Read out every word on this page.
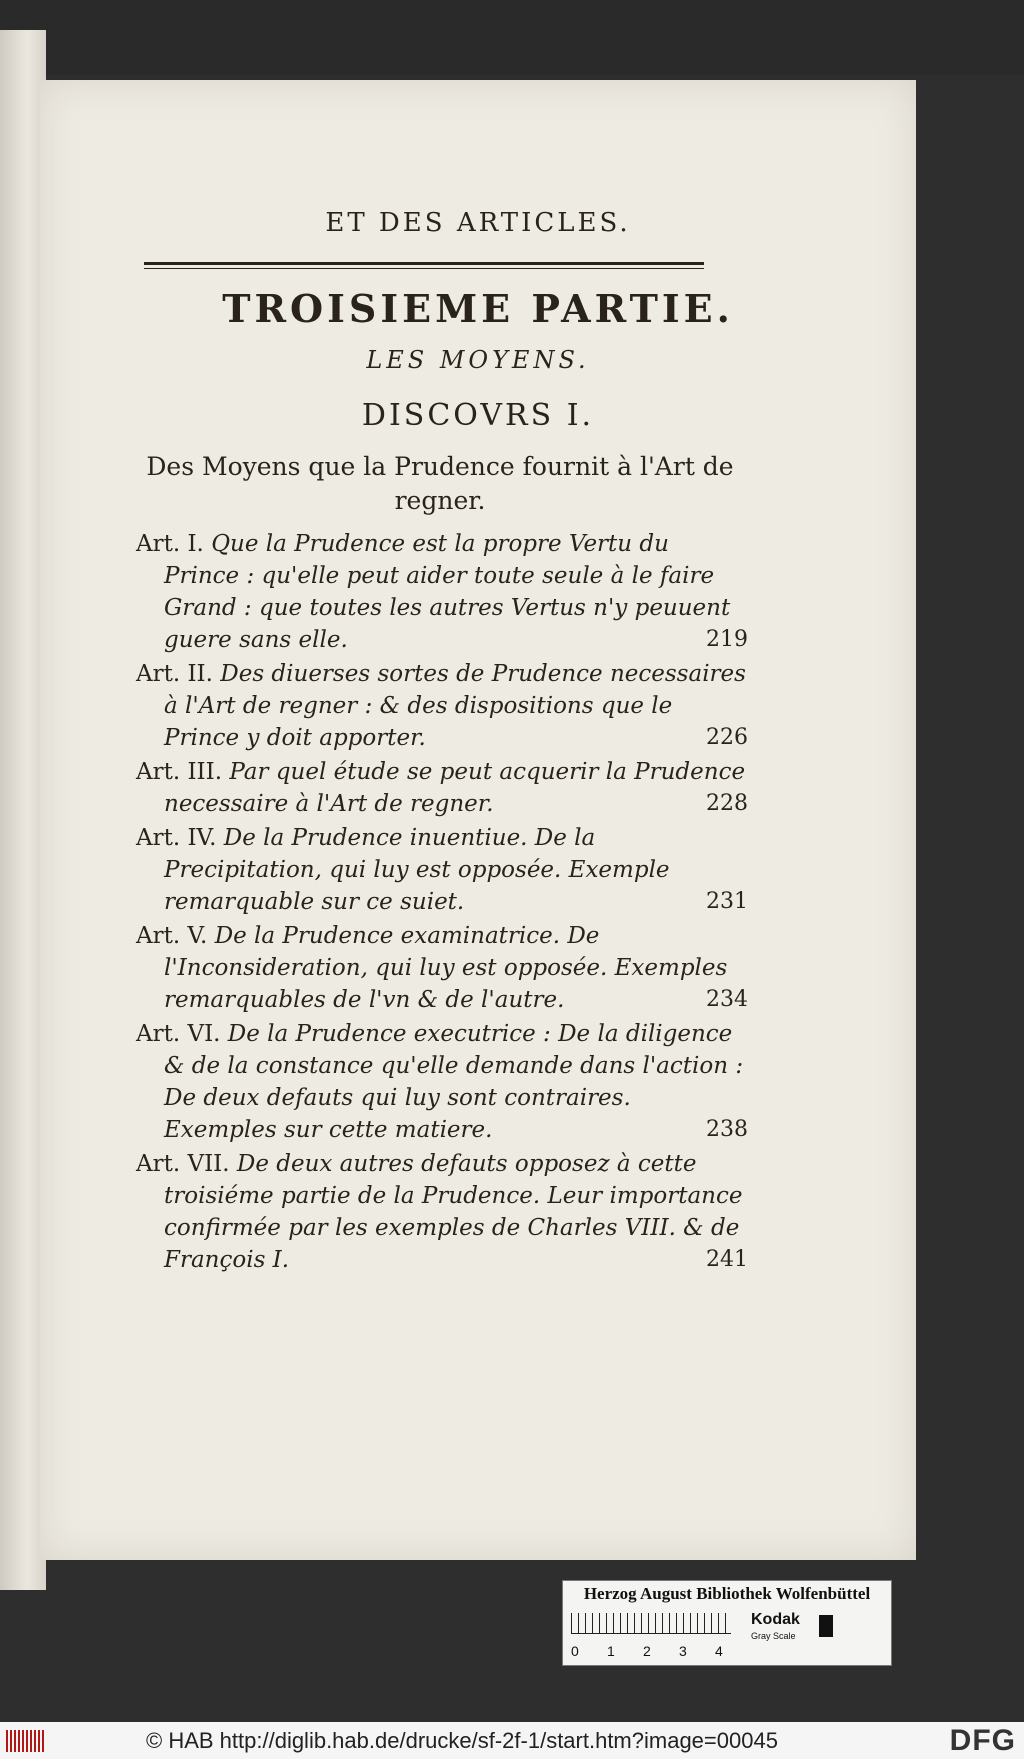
ET DES ARTICLES.
TROISIEME PARTIE.
LES MOYENS.
DISCOVRS I.
Des Moyens que la Prudence fournit à l'Art de regner.
Art. I. Que la Prudence est la propre Vertu du Prince : qu'elle peut aider toute seule à le faire Grand : que toutes les autres Vertus n'y peuuent guere sans elle.	219
Art. II. Des diuerses sortes de Prudence necessaires à l'Art de regner : & des dispositions que le Prince y doit apporter.	226
Art. III. Par quel étude se peut acquerir la Prudence necessaire à l'Art de regner.	228
Art. IV. De la Prudence inuentiue. De la Precipitation, qui luy est opposée. Exemple remarquable sur ce suiet.	231
Art. V. De la Prudence examinatrice. De l'Inconsideration, qui luy est opposée. Exemples remarquables de l'vn & de l'autre.	234
Art. VI. De la Prudence executrice : De la diligence & de la constance qu'elle demande dans l'action : De deux defauts qui luy sont contraires. Exemples sur cette matiere.	238
Art. VII. De deux autres defauts opposez à cette troisiéme partie de la Prudence. Leur importance confirmée par les exemples de Charles VIII. & de François I.	241
Herzog August Bibliothek Wolfenbüttel
0 1 2 3 4
Kodak
Gray Scale
© HAB http://diglib.hab.de/drucke/sf-2f-1/start.htm?image=00045	DFG
